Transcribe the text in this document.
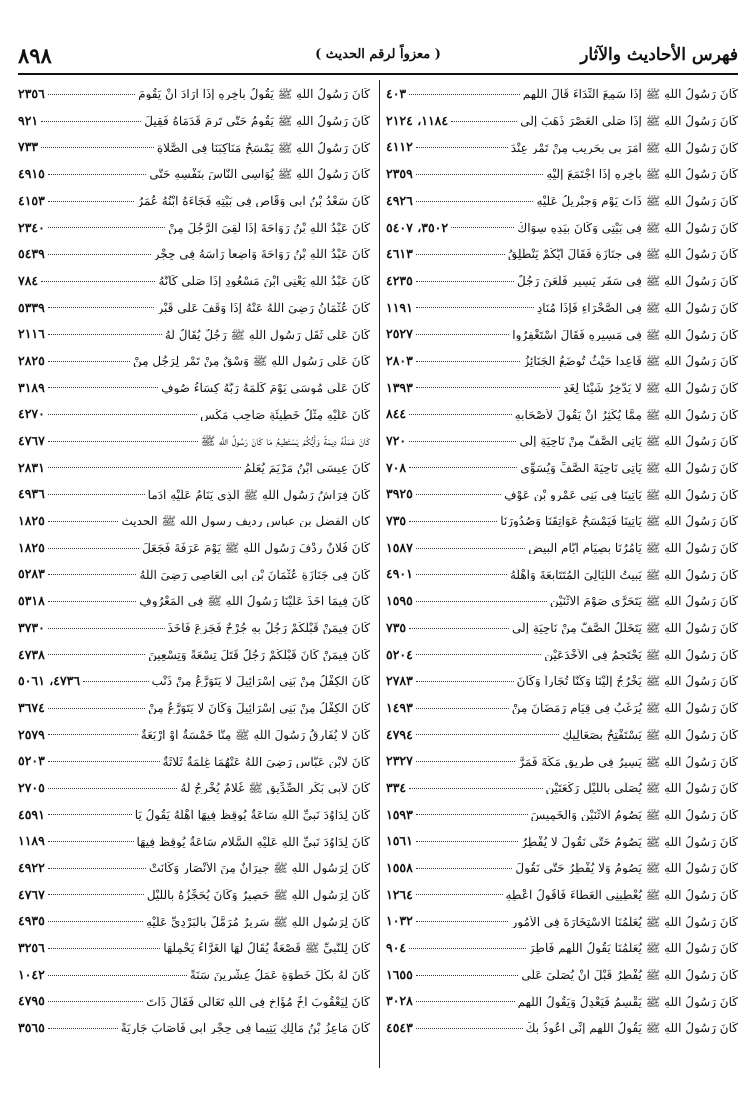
فهرس الأحاديث والآثار
( معزواً لرقم الحديث )
٨٩٨
كَانَ رَسُولُ اللَّهِ ﷺ إِذَا سَمِعَ النِّدَاءَ قَالَ اللَّهم
٤٠٣
كَانَ رَسُولُ اللَّهِ ﷺ إِذَا صَلَّى العَصْرَ ذَهَبَ إِلَى
١١٨٤، ٢١٢٤
كَانَ رَسُولُ اللَّهِ ﷺ أَمَرَ بِي بِحَرِيبٍ مِنْ تَمْرٍ عِنْدَ
٤١١٢
كَانَ رَسُولُ اللَّهِ ﷺ بِآخِرِهِ إِذَا اجْتَمَعَ إِلَيْهِ
٢٣٥٩
كَانَ رَسُولُ اللَّهِ ﷺ ذَاتَ يَوْمٍ وَجِبْرِيلُ عَلَيْهِ
٤٩٢٦
كَانَ رَسُولُ اللَّهِ ﷺ فِي بَيْتِي وَكَانَ بِيَدِهِ سِوَاكٌ
٣٥٠٢، ٥٤٠٧
كَانَ رَسُولُ اللَّهِ ﷺ فِي جِنَازَةٍ فَقَالَ أَيُّكُمْ يَنْطَلِقُ
٤٦١٣
كَانَ رَسُولُ اللَّهِ ﷺ فِي سَفَرٍ يَسِيرٍ فَلَعَنَ رَجُلٌ
٤٢٣٥
كَانَ رَسُولُ اللَّهِ ﷺ فِي الصَّحْرَاءِ فَإِذَا مُنَادٍ
١١٩١
كَانَ رَسُولُ اللَّهِ ﷺ فِي مَسِيرِهِ فَقَالَ اسْتَغْفِرُوا
٢٥٢٧
كَانَ رَسُولُ اللَّهِ ﷺ قَاعِداً حَيْثُ تُوضَعُ الجَنَائِزُ
٢٨٠٣
كَانَ رَسُولُ اللَّهِ ﷺ لا يَدَّخِرُ شَيْئاً لِغَدٍ
١٣٩٣
كَانَ رَسُولُ اللَّهِ ﷺ مِمَّا يُكْثِرُ أَنْ يَقُولَ لأَصْحَابِهِ
٨٤٤
كَانَ رَسُولُ اللَّهِ ﷺ يَأْتِي الصَّفَّ مِنْ نَاحِيَةٍ إِلَى
٧٢٠
كَانَ رَسُولُ اللَّهِ ﷺ يَأْتِي نَاحِيَةَ الصَّفِّ وَيُسَوِّي
٧٠٨
كَانَ رَسُولُ اللَّهِ ﷺ يَأْتِينَا فِي بَنِي عَمْرِو بْنِ عَوْفٍ
٣٩٢٥
كَانَ رَسُولُ اللَّهِ ﷺ يَأْتِينَا فَيَمْسَحُ عَوَاتِقَنَا وَصُدُورَنَا
٧٣٥
كَانَ رَسُولُ اللَّهِ ﷺ يَأْمُرُنَا بِصِيَامِ أَيَّامِ البِيضِ
١٥٨٧
كَانَ رَسُولُ اللَّهِ ﷺ يَبِيتُ اللَّيَالِيَ المُتَتَابِعَةَ وَأَهْلُهُ
٤٩٠١
كَانَ رَسُولُ اللَّهِ ﷺ يَتَحَرَّى صَوْمَ الاثْنَيْنِ
١٥٩٥
كَانَ رَسُولُ اللَّهِ ﷺ يَتَخَلَّلُ الصَّفَّ مِنْ نَاحِيَةٍ إِلَى
٧٣٥
كَانَ رَسُولُ اللَّهِ ﷺ يَحْتَجِمُ فِي الأَخْدَعَيْنِ
٥٢٠٤
كَانَ رَسُولُ اللَّهِ ﷺ يَخْرُجُ إِلَيْنَا وَكُنَّا تُجَاراً وَكَانَ
٢٧٨٣
كَانَ رَسُولُ اللَّهِ ﷺ يُرَغِّبُ فِي قِيَامِ رَمَضَانَ مِنْ
١٤٩٣
كَانَ رَسُولُ اللَّهِ ﷺ يَسْتَفْتِحُ بِصَعَالِيكِ
٤٧٩٤
كَانَ رَسُولُ اللَّهِ ﷺ يَسِيرُ فِي طَرِيقِ مَكَّةَ فَمَرَّ
٢٣٢٧
كَانَ رَسُولُ اللَّهِ ﷺ يُصَلِّي بِاللَّيْلِ رَكْعَتَيْنِ
٣٣٤
كَانَ رَسُولُ اللَّهِ ﷺ يَصُومُ الاثْنَيْنِ وَالخَمِيسَ
١٥٩٣
كَانَ رَسُولُ اللَّهِ ﷺ يَصُومُ حَتَّى نَقُولَ لا يُفْطِرُ
١٥٦١
كَانَ رَسُولُ اللَّهِ ﷺ يَصُومُ وَلا يُفْطِرُ حَتَّى نَقُولَ
١٥٥٨
كَانَ رَسُولُ اللَّهِ ﷺ يُعْطِينِي العَطَاءَ فَأَقُولُ أَعْطِهِ
١٢٦٤
كَانَ رَسُولُ اللَّهِ ﷺ يُعَلِّمُنَا الاسْتِخَارَةَ فِي الأُمُورِ
١٠٣٢
كَانَ رَسُولُ اللَّهِ ﷺ يُعَلِّمُنَا يَقُولُ اللَّهم فَاطِرَ
٩٠٤
كَانَ رَسُولُ اللَّهِ ﷺ يُفْطِرُ قَبْلَ أَنْ يُصَلِّيَ عَلَى
١٦٥٥
كَانَ رَسُولُ اللَّهِ ﷺ يَقْسِمُ فَيَعْدِلُ وَيَقُولُ اللَّهم
٣٠٢٨
كَانَ رَسُولُ اللَّهِ ﷺ يَقُولُ اللَّهم إِنِّي أَعُوذُ بِكَ
٤٥٤٣
كَانَ رَسُولُ اللَّهِ ﷺ يَقُولُ بِآخِرِهِ إِذَا أَرَادَ أَنْ يَقُومَ
٢٣٥٦
كَانَ رَسُولُ اللَّهِ ﷺ يَقُومُ حَتَّى تَرِمَ قَدَمَاهُ فَقِيلَ
٩٢١
كَانَ رَسُولُ اللَّهِ ﷺ يَمْسَحُ مَنَاكِبَنَا فِي الصَّلاةِ
٧٣٣
كَانَ رَسُولُ اللَّهِ ﷺ يُوَاسِي النَّاسَ بِنَفْسِهِ حَتَّى
٤٩١٥
كَانَ سَعْدُ بْنُ أَبِي وَقَّاصٍ فِي بَيْتِهِ فَجَاءَهُ ابْنُهُ عُمَرُ
٤١٥٣
كَانَ عَبْدُ اللَّهِ بْنُ رَوَاحَةَ إِذَا لَقِيَ الرَّجُلَ مِنْ
٢٣٤٠
كَانَ عَبْدُ اللَّهِ بْنُ رَوَاحَةَ وَاضِعاً رَأْسَهُ فِي حِجْرِ
٥٤٣٩
كَانَ عَبْدُ اللَّهِ يَعْنِي ابْنَ مَسْعُودٍ إِذَا صَلَّى كَأَنَّهُ
٧٨٤
كَانَ عُثْمَانُ رَضِيَ اللَّهُ عَنْهُ إِذَا وَقَفَ عَلَى قَبْرٍ
٥٣٣٩
كَانَ عَلَى ثَقَلِ رَسُولِ اللَّهِ ﷺ رَجُلٌ يُقَالُ لَهُ
٢١١٦
كَانَ عَلَى رَسُولِ اللَّهِ ﷺ وَسْقٌ مِنْ تَمْرٍ لِرَجُلٍ مِنْ
٢٨٢٥
كَانَ عَلَى مُوسَى يَوْمَ كَلَّمَهُ رَبُّهُ كِسَاءُ صُوفٍ
٣١٨٩
كَانَ عَلَيْهِ مِثْلُ خَطِيئَةِ صَاحِبِ مَكْسٍ
٤٢٧٠
كَانَ عَمَلُهُ دِيمَةً وَأَيُّكُمْ يَسْتَطِيعُ مَا كَانَ رَسُولُ اللَّهِ ﷺ
٤٧٦٧
كَانَ عِيسَى ابْنُ مَرْيَمَ يُعَلِّمُ
٢٨٣١
كَانَ فِرَاشُ رَسُولِ اللَّهِ ﷺ الَّذِي يَنَامُ عَلَيْهِ أَدَماً
٤٩٣٦
كان الفضل بن عباس رديف رسول الله ﷺ الحديث
١٨٢٥
كَانَ فُلانٌ رِدْفَ رَسُولِ اللَّهِ ﷺ يَوْمَ عَرَفَةَ فَجَعَلَ
١٨٢٥
كَانَ فِي جَنَازَةِ عُثْمَانَ بْنِ أَبِي العَاصِي رَضِيَ اللَّهُ
٥٢٨٣
كَانَ فِيمَا أَخَذَ عَلَيْنَا رَسُولُ اللَّهِ ﷺ فِي المَعْرُوفِ
٥٣١٨
كَانَ فِيمَنْ قَبْلَكُمْ رَجُلٌ بِهِ جُرْحٌ فَجَزِعَ فَأَخَذَ
٣٧٣٠
كَانَ فِيمَنْ كَانَ قَبْلَكُمْ رَجُلٌ قَتَلَ تِسْعَةً وَتِسْعِينَ
٤٧٣٨
كَانَ الكِفْلُ مِنْ بَنِي إِسْرَائِيلَ لا يَتَوَرَّعُ مِنْ ذَنْبٍ
٤٧٣٦، ٥٠٦١
كَانَ الكِفْلُ مِنْ بَنِي إِسْرَائِيلَ وَكَانَ لا يَتَوَرَّعُ مِنْ
٣٦٧٤
كَانَ لا يُفَارِقُ رَسُولَ اللَّهِ ﷺ مِنَّا خَمْسَةٌ أَوْ أَرْبَعَةٌ
٢٥٧٩
كَانَ لابْنِ عَبَّاسٍ رَضِيَ اللَّهُ عَنْهُمَا غِلْمَةٌ ثَلاثَةٌ
٥٢٠٣
كَانَ لأَبِي بَكْرٍ الصِّدِّيقِ ﷺ غُلامٌ يُخْرِجُ لَهُ
٢٧٠٥
كَانَ لِدَاوُدَ نَبِيِّ اللَّهِ سَاعَةٌ يُوقِظُ فِيهَا أَهْلَهُ يَقُولُ يَا
٤٥٩١
كَانَ لِدَاوُدَ نَبِيِّ اللَّهِ عَلَيْهِ السَّلامِ سَاعَةٌ يُوقِظُ فِيهَا
١١٨٩
كَانَ لِرَسُولِ اللَّهِ ﷺ جِيرَانٌ مِنَ الأَنْصَارِ وَكَانَتْ
٤٩٢٢
كَانَ لِرَسُولِ اللَّهِ ﷺ حَصِيرٌ وَكَانَ يُحَجِّزُهُ بِاللَّيْلِ
٤٧٦٧
كَانَ لِرَسُولِ اللَّهِ ﷺ سَرِيرٌ مُرَمَّلٌ بِالبَرْدِيِّ عَلَيْهِ
٤٩٣٥
كَانَ لِلنَّبِيِّ ﷺ قَصْعَةٌ يُقَالُ لَهَا الغَرَّاءُ يَحْمِلُهَا
٣٢٥٦
كَانَ لَهُ بِكُلِّ خَطْوَةٍ عَمَلُ عِشْرِينَ سَنَةً
١٠٤٢
كَانَ لِيَعْقُوبَ أَخٌ مُؤَاخٍ فِي اللَّهِ تَعَالَى فَقَالَ ذَاتَ
٤٧٩٥
كَانَ مَاعِزُ بْنُ مَالِكٍ يَتِيماً فِي حِجْرِ أَبِي فَأَصَابَ جَارِيَةً
٣٥٦٥
